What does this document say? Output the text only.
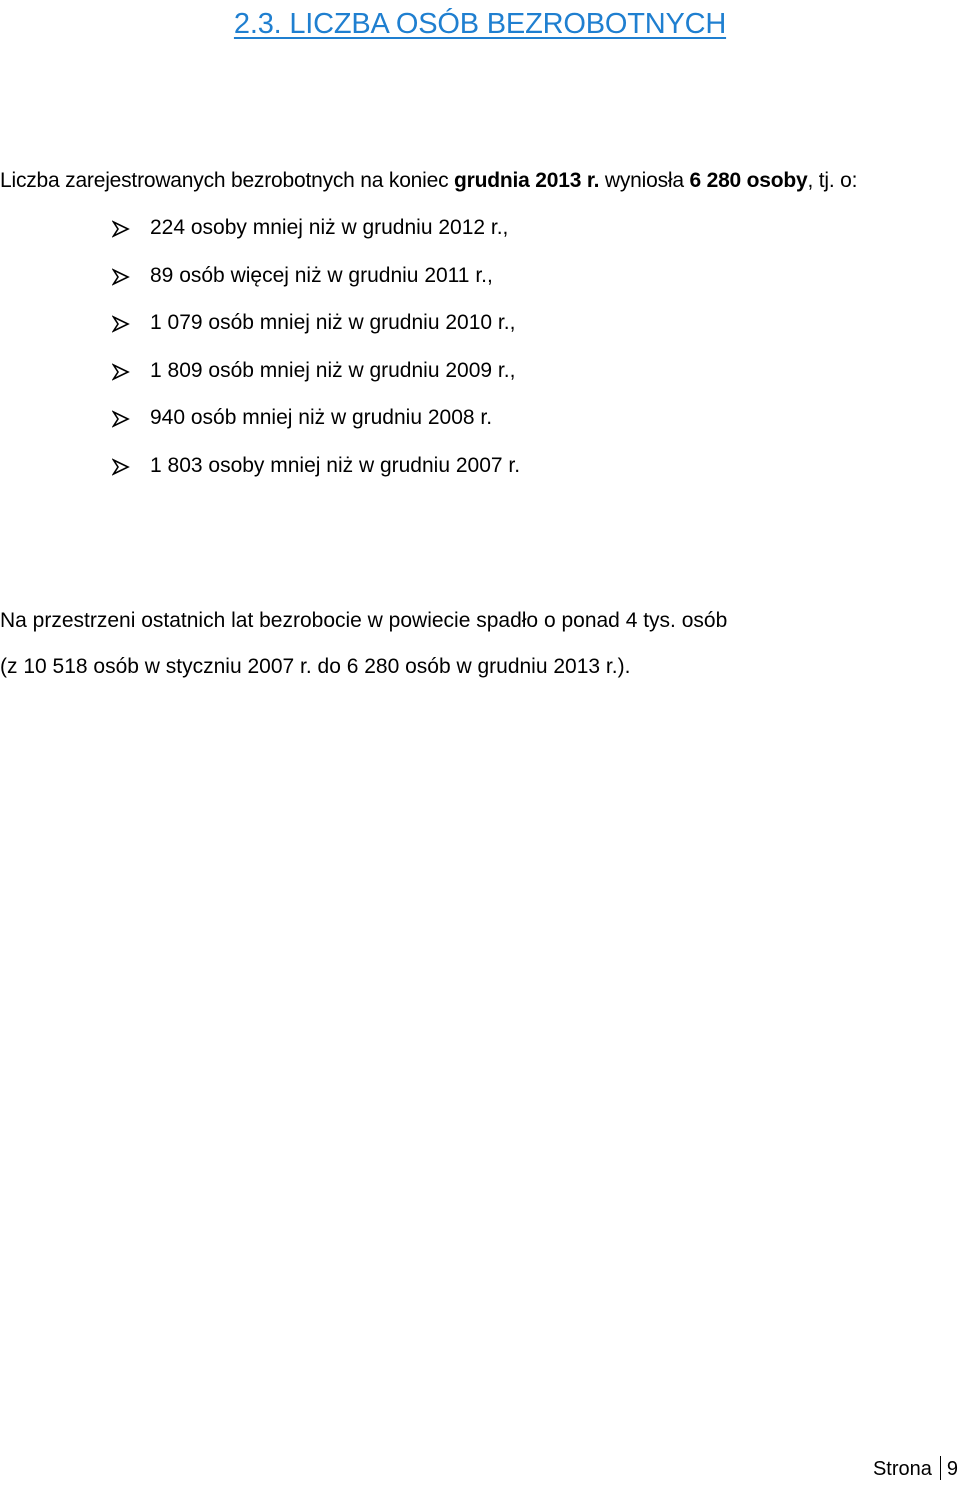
2.3. LICZBA OSÓB BEZROBOTNYCH
Liczba zarejestrowanych bezrobotnych na koniec grudnia 2013 r. wyniosła 6 280 osoby, tj. o:
224 osoby mniej niż w grudniu 2012 r.,
89 osób więcej niż w grudniu 2011 r.,
1 079 osób mniej niż w grudniu 2010 r.,
1 809 osób mniej niż w grudniu 2009 r.,
940 osób mniej niż w grudniu 2008 r.
1 803 osoby mniej niż w grudniu 2007 r.
Na przestrzeni ostatnich lat bezrobocie w powiecie spadło o ponad 4 tys. osób
(z 10 518 osób w styczniu 2007 r. do 6 280 osób w grudniu 2013 r.).
Strona 9
